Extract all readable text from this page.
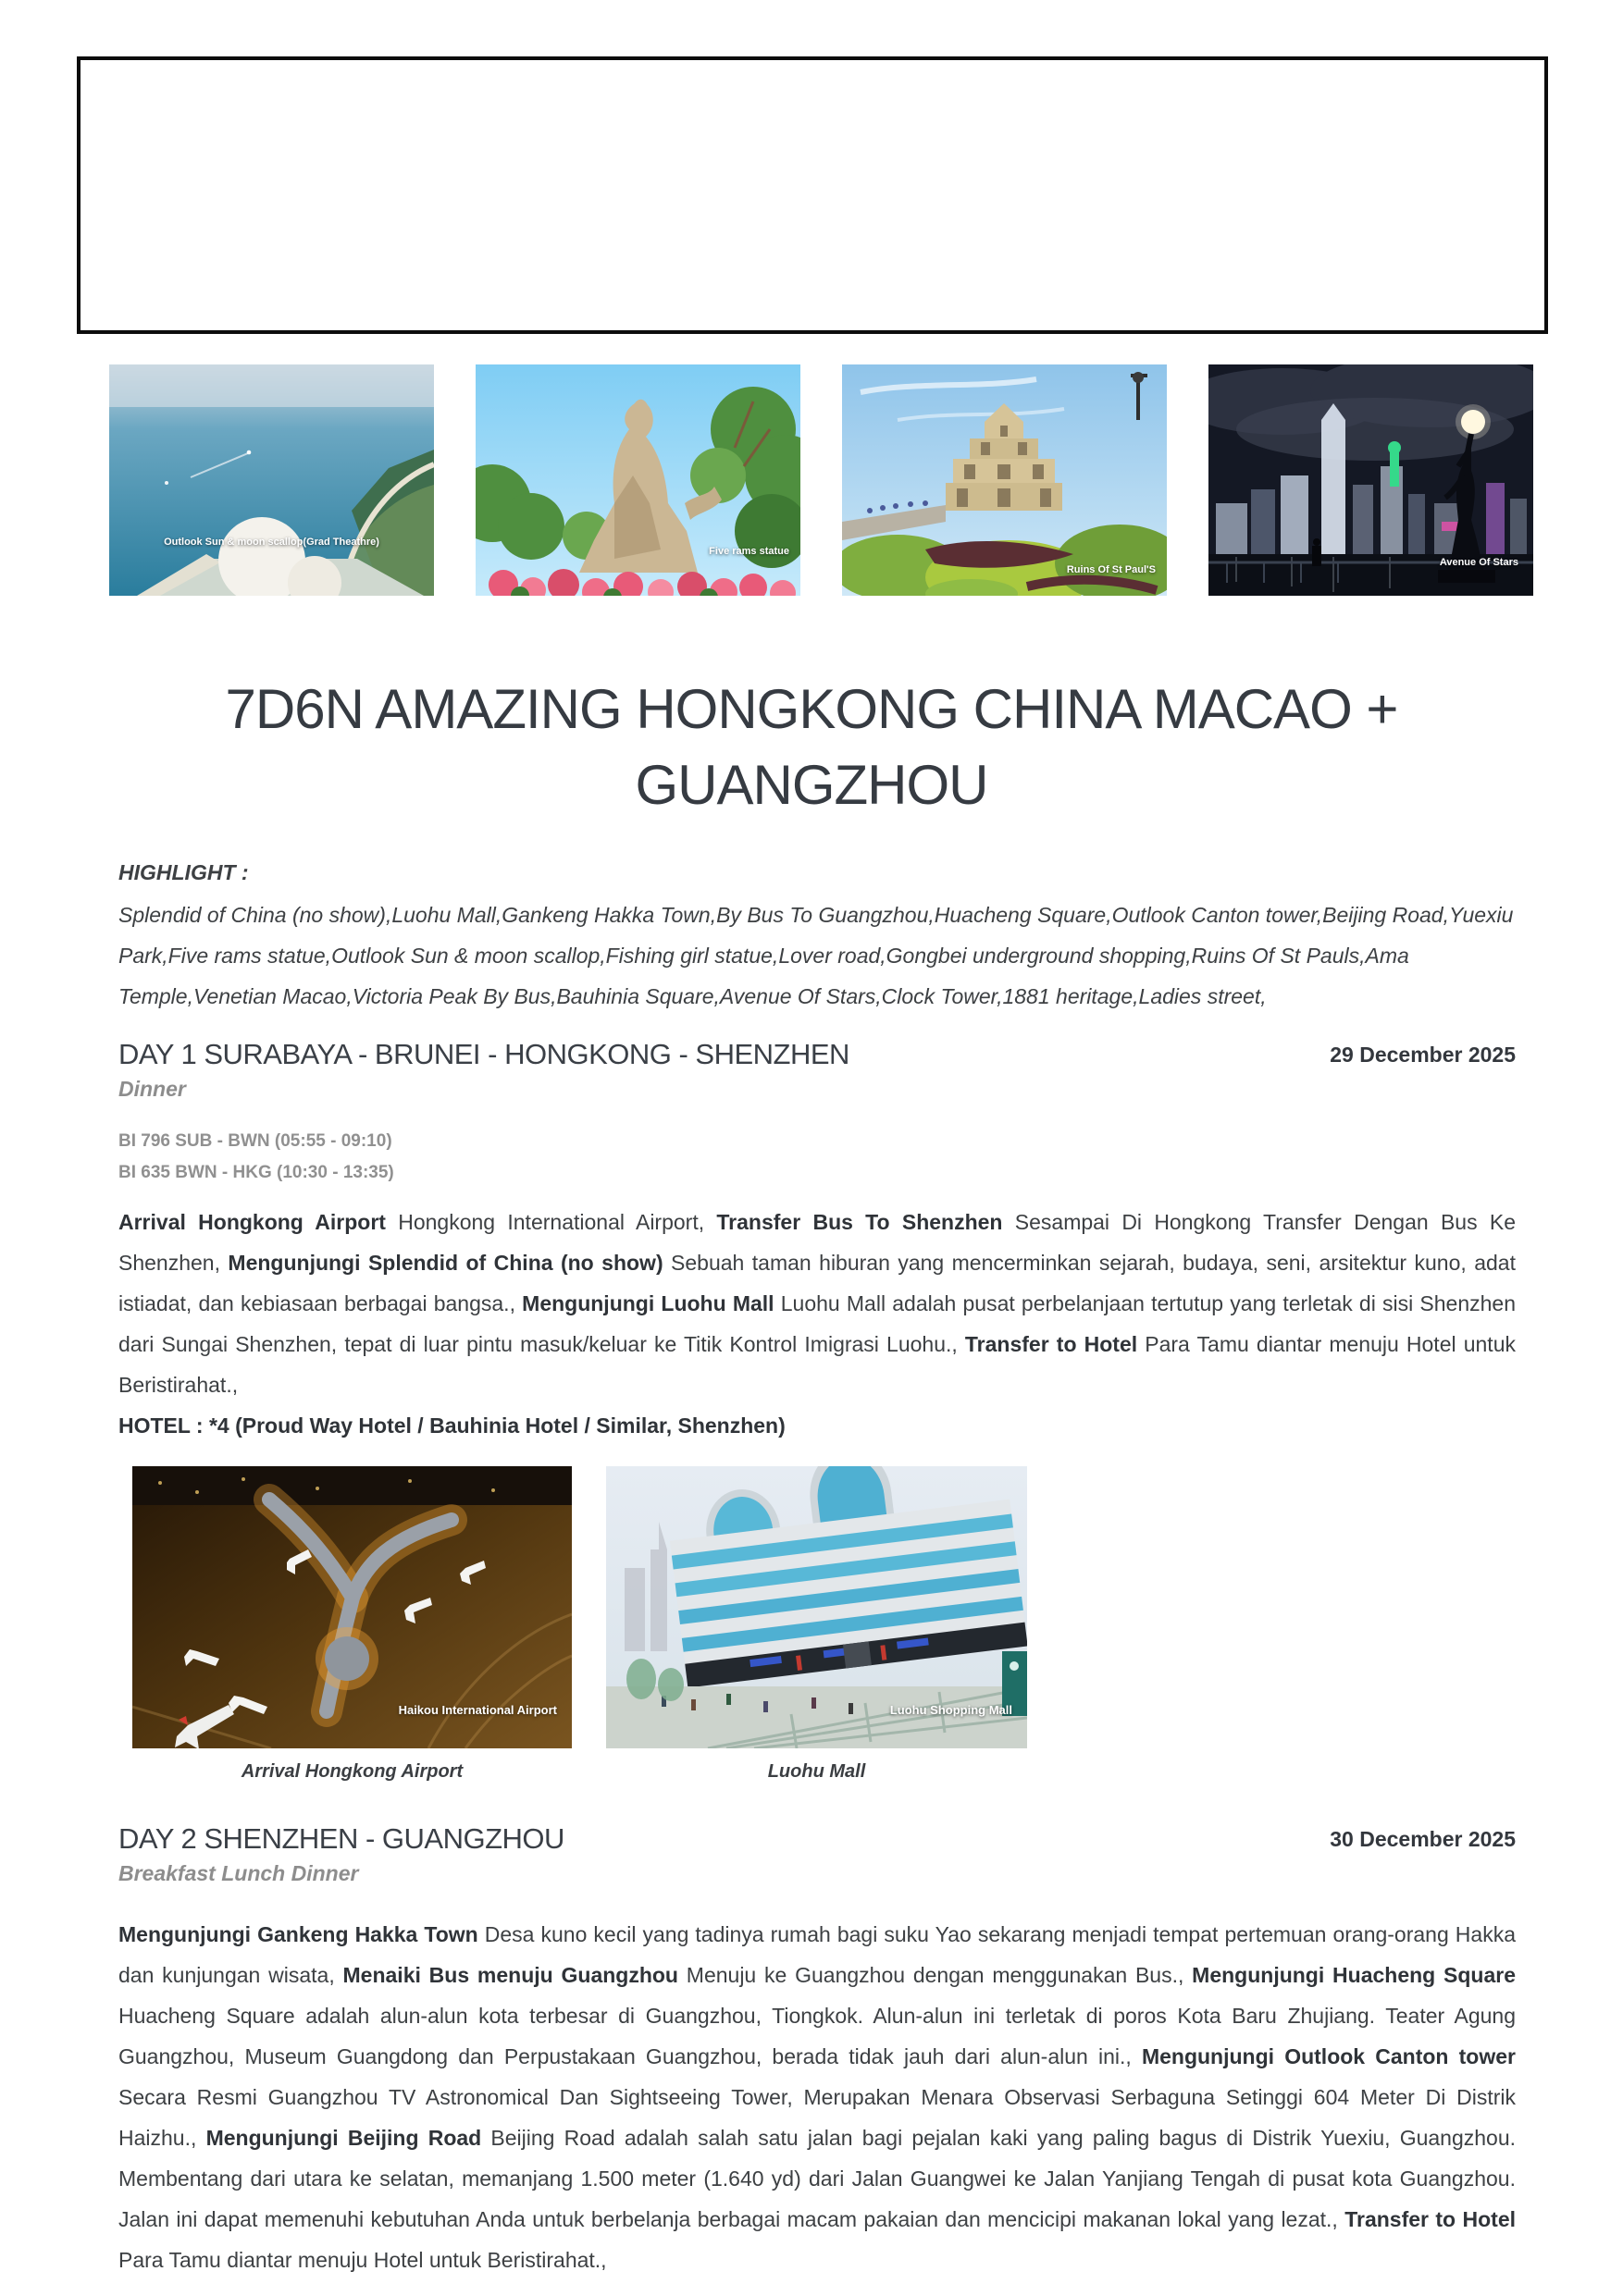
Outlook Sun & moon scallop(Grad Theathre)
Five rams statue
Ruins Of St Paul'S
Avenue Of Stars
7D6N AMAZING HONGKONG CHINA MACAO +
GUANGZHOU

HIGHLIGHT :

Splendid of China (no show),Luohu Mall,Gankeng Hakka Town,By Bus To Guangzhou,Huacheng Square,Outlook Canton tower,Beijing Road,Yuexiu Park,Five rams statue,Outlook Sun & moon scallop,Fishing girl statue,Lover road,Gongbei underground shopping,Ruins Of St Pauls,Ama Temple,Venetian Macao,Victoria Peak By Bus,Bauhinia Square,Avenue Of Stars,Clock Tower,1881 heritage,Ladies street,

DAY 1 SURABAYA - BRUNEI - HONGKONG - SHENZHEN	29 December 2025
Dinner
BI 796 SUB - BWN (05:55 - 09:10)
BI 635 BWN - HKG (10:30 - 13:35)

Arrival Hongkong Airport Hongkong International Airport, Transfer Bus To Shenzhen Sesampai Di Hongkong Transfer Dengan Bus Ke Shenzhen, Mengunjungi Splendid of China (no show) Sebuah taman hiburan yang mencerminkan sejarah, budaya, seni, arsitektur kuno, adat istiadat, dan kebiasaan berbagai bangsa., Mengunjungi Luohu Mall Luohu Mall adalah pusat perbelanjaan tertutup yang terletak di sisi Shenzhen dari Sungai Shenzhen, tepat di luar pintu masuk/keluar ke Titik Kontrol Imigrasi Luohu., Transfer to Hotel Para Tamu diantar menuju Hotel untuk Beristirahat.,

HOTEL : *4 (Proud Way Hotel / Bauhinia Hotel / Similar, Shenzhen)
Haikou International Airport
Arrival Hongkong Airport
Luohu Shopping Mall
Luohu Mall
DAY 2 SHENZHEN - GUANGZHOU	30 December 2025
Breakfast Lunch Dinner

Mengunjungi Gankeng Hakka Town Desa kuno kecil yang tadinya rumah bagi suku Yao sekarang menjadi tempat pertemuan orang-orang Hakka dan kunjungan wisata, Menaiki Bus menuju Guangzhou Menuju ke Guangzhou dengan menggunakan Bus., Mengunjungi Huacheng Square Huacheng Square adalah alun-alun kota terbesar di Guangzhou, Tiongkok. Alun-alun ini terletak di poros Kota Baru Zhujiang. Teater Agung Guangzhou, Museum Guangdong dan Perpustakaan Guangzhou, berada tidak jauh dari alun-alun ini., Mengunjungi Outlook Canton tower Secara Resmi Guangzhou TV Astronomical Dan Sightseeing Tower, Merupakan Menara Observasi Serbaguna Setinggi 604 Meter Di Distrik Haizhu., Mengunjungi Beijing Road Beijing Road adalah salah satu jalan bagi pejalan kaki yang paling bagus di Distrik Yuexiu, Guangzhou. Membentang dari utara ke selatan, memanjang 1.500 meter (1.640 yd) dari Jalan Guangwei ke Jalan Yanjiang Tengah di pusat kota Guangzhou. Jalan ini dapat memenuhi kebutuhan Anda untuk berbelanja berbagai macam pakaian dan mencicipi makanan lokal yang lezat., Transfer to Hotel Para Tamu diantar menuju Hotel untuk Beristirahat.,
